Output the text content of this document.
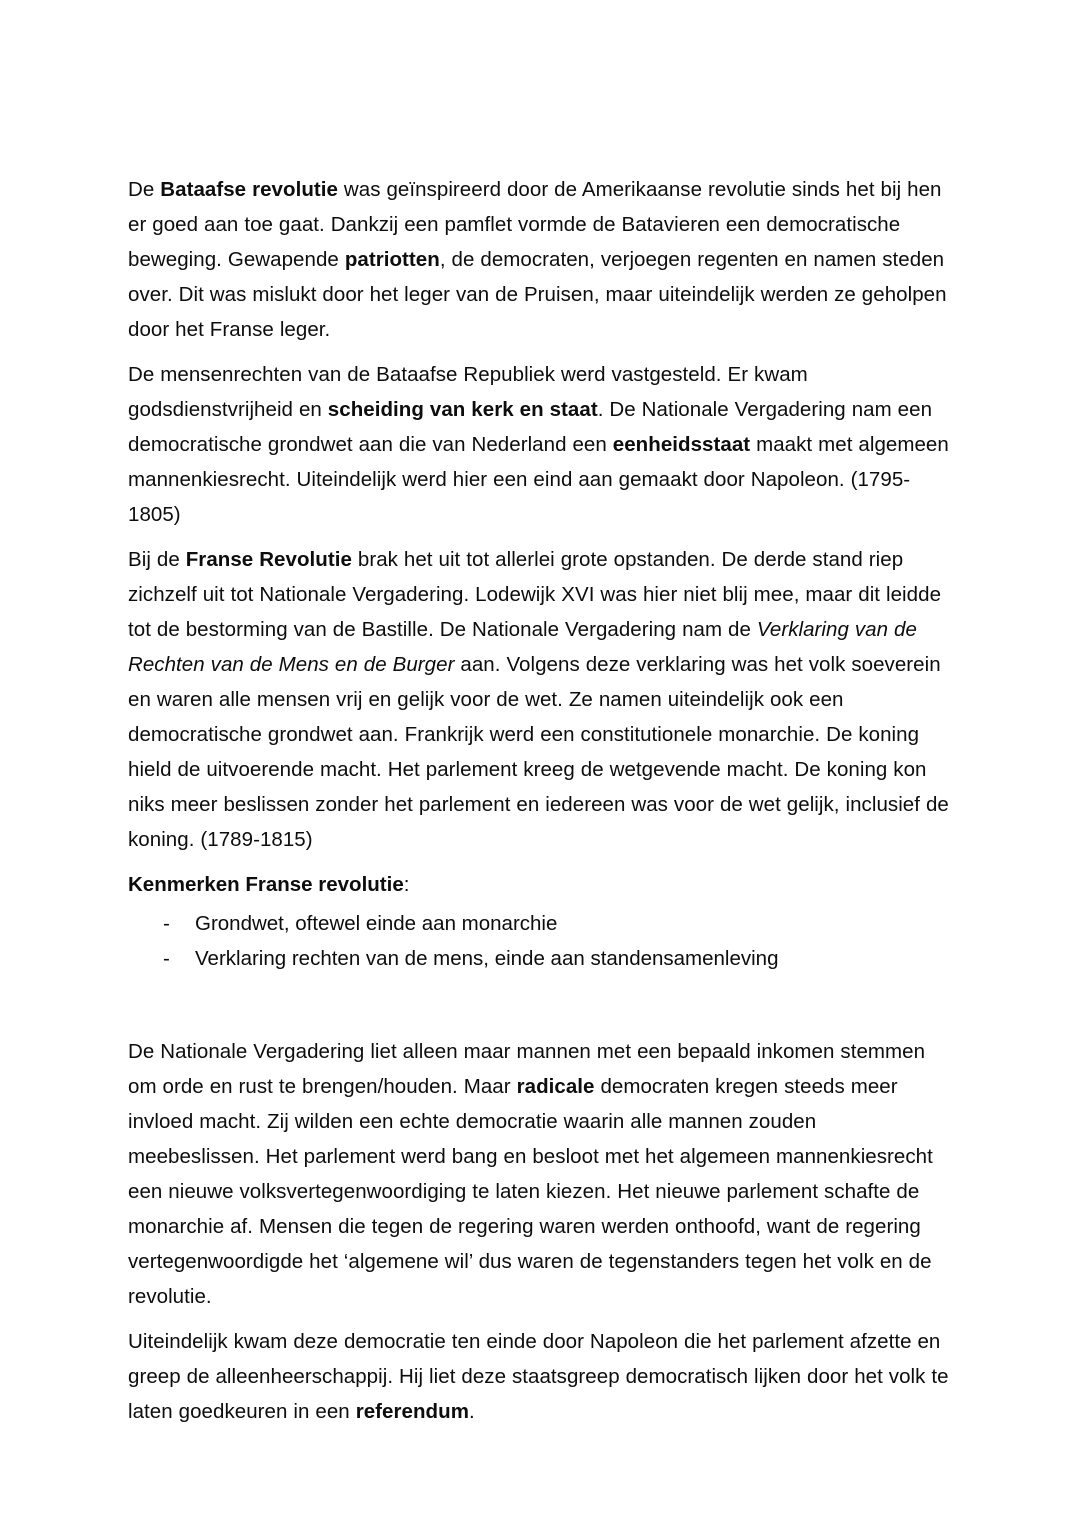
De Bataafse revolutie was geïnspireerd door de Amerikaanse revolutie sinds het bij hen er goed aan toe gaat. Dankzij een pamflet vormde de Batavieren een democratische beweging. Gewapende patriotten, de democraten, verjoegen regenten en namen steden over. Dit was mislukt door het leger van de Pruisen, maar uiteindelijk werden ze geholpen door het Franse leger.

De mensenrechten van de Bataafse Republiek werd vastgesteld. Er kwam godsdienstvrijheid en scheiding van kerk en staat. De Nationale Vergadering nam een democratische grondwet aan die van Nederland een eenheidsstaat maakt met algemeen mannenkiesrecht. Uiteindelijk werd hier een eind aan gemaakt door Napoleon. (1795-1805)

Bij de Franse Revolutie brak het uit tot allerlei grote opstanden. De derde stand riep zichzelf uit tot Nationale Vergadering. Lodewijk XVI was hier niet blij mee, maar dit leidde tot de bestorming van de Bastille. De Nationale Vergadering nam de Verklaring van de Rechten van de Mens en de Burger aan. Volgens deze verklaring was het volk soeverein en waren alle mensen vrij en gelijk voor de wet. Ze namen uiteindelijk ook een democratische grondwet aan. Frankrijk werd een constitutionele monarchie. De koning hield de uitvoerende macht. Het parlement kreeg de wetgevende macht. De koning kon niks meer beslissen zonder het parlement en iedereen was voor de wet gelijk, inclusief de koning. (1789-1815)

Kenmerken Franse revolutie:

- Grondwet, oftewel einde aan monarchie
- Verklaring rechten van de mens, einde aan standensamenleving

De Nationale Vergadering liet alleen maar mannen met een bepaald inkomen stemmen om orde en rust te brengen/houden. Maar radicale democraten kregen steeds meer invloed macht. Zij wilden een echte democratie waarin alle mannen zouden meebeslissen. Het parlement werd bang en besloot met het algemeen mannenkiesrecht een nieuwe volksvertegenwoordiging te laten kiezen. Het nieuwe parlement schafte de monarchie af. Mensen die tegen de regering waren werden onthoofd, want de regering vertegenwoordigde het ‘algemene wil’ dus waren de tegenstanders tegen het volk en de revolutie.

Uiteindelijk kwam deze democratie ten einde door Napoleon die het parlement afzette en greep de alleenheerschappij. Hij liet deze staatsgreep democratisch lijken door het volk te laten goedkeuren in een referendum.
